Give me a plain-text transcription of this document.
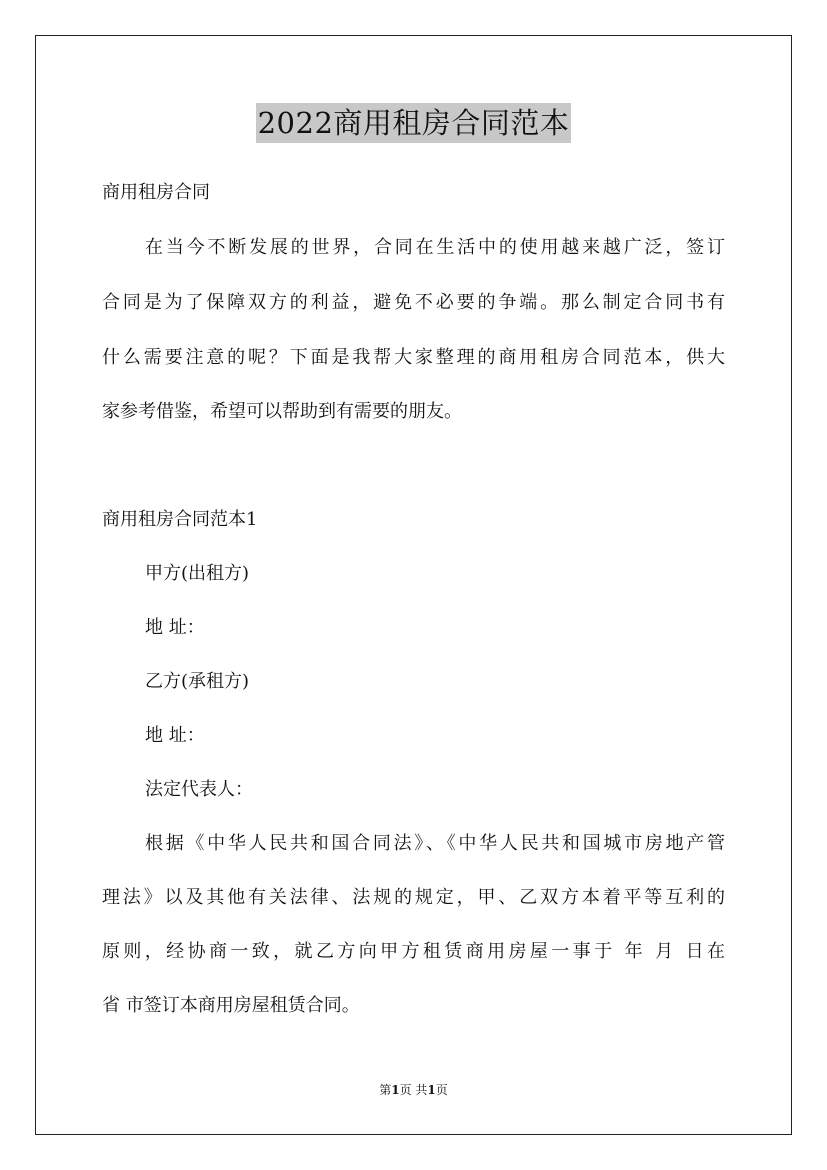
2022商用租房合同范本

商用租房合同

在当今不断发展的世界，合同在生活中的使用越来越广泛，签订

合同是为了保障双方的利益，避免不必要的争端。那么制定合同书有

什么需要注意的呢？下面是我帮大家整理的商用租房合同范本，供大

家参考借鉴，希望可以帮助到有需要的朋友。

商用租房合同范本1

甲方(出租方)

地 址：

乙方(承租方)

地 址：

法定代表人：

根据《中华人民共和国合同法》、《中华人民共和国城市房地产管

理法》以及其他有关法律、法规的规定，甲、乙双方本着平等互利的

原则，经协商一致，就乙方向甲方租赁商用房屋一事于 年 月 日在

省 市签订本商用房屋租赁合同。

第1页 共1页
